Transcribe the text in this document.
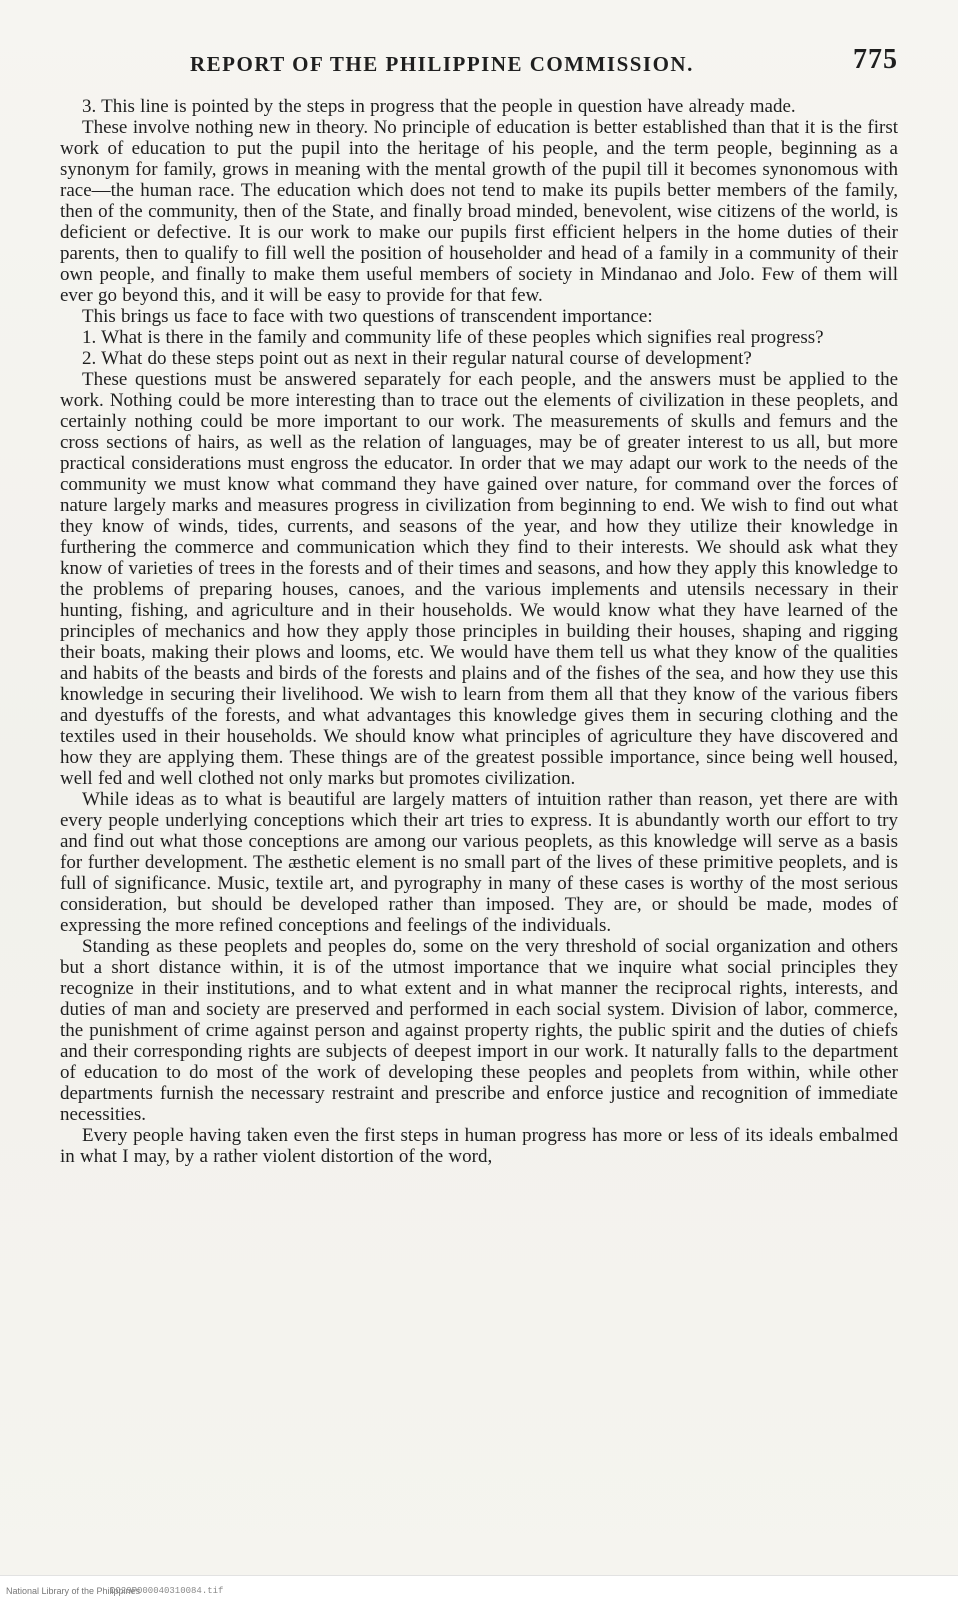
REPORT OF THE PHILIPPINE COMMISSION.	775

3. This line is pointed by the steps in progress that the people in question have already made.

These involve nothing new in theory. No principle of education is better established than that it is the first work of education to put the pupil into the heritage of his people, and the term people, beginning as a synonym for family, grows in meaning with the mental growth of the pupil till it becomes synonomous with race—the human race. The education which does not tend to make its pupils better members of the family, then of the community, then of the State, and finally broad minded, benevolent, wise citizens of the world, is deficient or defective. It is our work to make our pupils first efficient helpers in the home duties of their parents, then to qualify to fill well the position of householder and head of a family in a community of their own people, and finally to make them useful members of society in Mindanao and Jolo. Few of them will ever go beyond this, and it will be easy to provide for that few.

This brings us face to face with two questions of transcendent importance:

1. What is there in the family and community life of these peoples which signifies real progress?

2. What do these steps point out as next in their regular natural course of development?

These questions must be answered separately for each people, and the answers must be applied to the work. Nothing could be more interesting than to trace out the elements of civilization in these peoplets, and certainly nothing could be more important to our work. The measurements of skulls and femurs and the cross sections of hairs, as well as the relation of languages, may be of greater interest to us all, but more practical considerations must engross the educator. In order that we may adapt our work to the needs of the community we must know what command they have gained over nature, for command over the forces of nature largely marks and measures progress in civilization from beginning to end. We wish to find out what they know of winds, tides, currents, and seasons of the year, and how they utilize their knowledge in furthering the commerce and communication which they find to their interests. We should ask what they know of varieties of trees in the forests and of their times and seasons, and how they apply this knowledge to the problems of preparing houses, canoes, and the various implements and utensils necessary in their hunting, fishing, and agriculture and in their households. We would know what they have learned of the principles of mechanics and how they apply those principles in building their houses, shaping and rigging their boats, making their plows and looms, etc. We would have them tell us what they know of the qualities and habits of the beasts and birds of the forests and plains and of the fishes of the sea, and how they use this knowledge in securing their livelihood. We wish to learn from them all that they know of the various fibers and dyestuffs of the forests, and what advantages this knowledge gives them in securing clothing and the textiles used in their households. We should know what principles of agriculture they have discovered and how they are applying them. These things are of the greatest possible importance, since being well housed, well fed and well clothed not only marks but promotes civilization.

While ideas as to what is beautiful are largely matters of intuition rather than reason, yet there are with every people underlying conceptions which their art tries to express. It is abundantly worth our effort to try and find out what those conceptions are among our various peoplets, as this knowledge will serve as a basis for further development. The æsthetic element is no small part of the lives of these primitive peoplets, and is full of significance. Music, textile art, and pyrography in many of these cases is worthy of the most serious consideration, but should be developed rather than imposed. They are, or should be made, modes of expressing the more refined conceptions and feelings of the individuals.

Standing as these peoplets and peoples do, some on the very threshold of social organization and others but a short distance within, it is of the utmost importance that we inquire what social principles they recognize in their institutions, and to what extent and in what manner the reciprocal rights, interests, and duties of man and society are preserved and performed in each social system. Division of labor, commerce, the punishment of crime against person and against property rights, the public spirit and the duties of chiefs and their corresponding rights are subjects of deepest import in our work. It naturally falls to the department of education to do most of the work of developing these peoples and peoplets from within, while other departments furnish the necessary restraint and prescribe and enforce justice and recognition of immediate necessities.

Every people having taken even the first steps in human progress has more or less of its ideals embalmed in what I may, by a rather violent distortion of the word,

National Library of the Philippines
DO29P000040310084.tif
